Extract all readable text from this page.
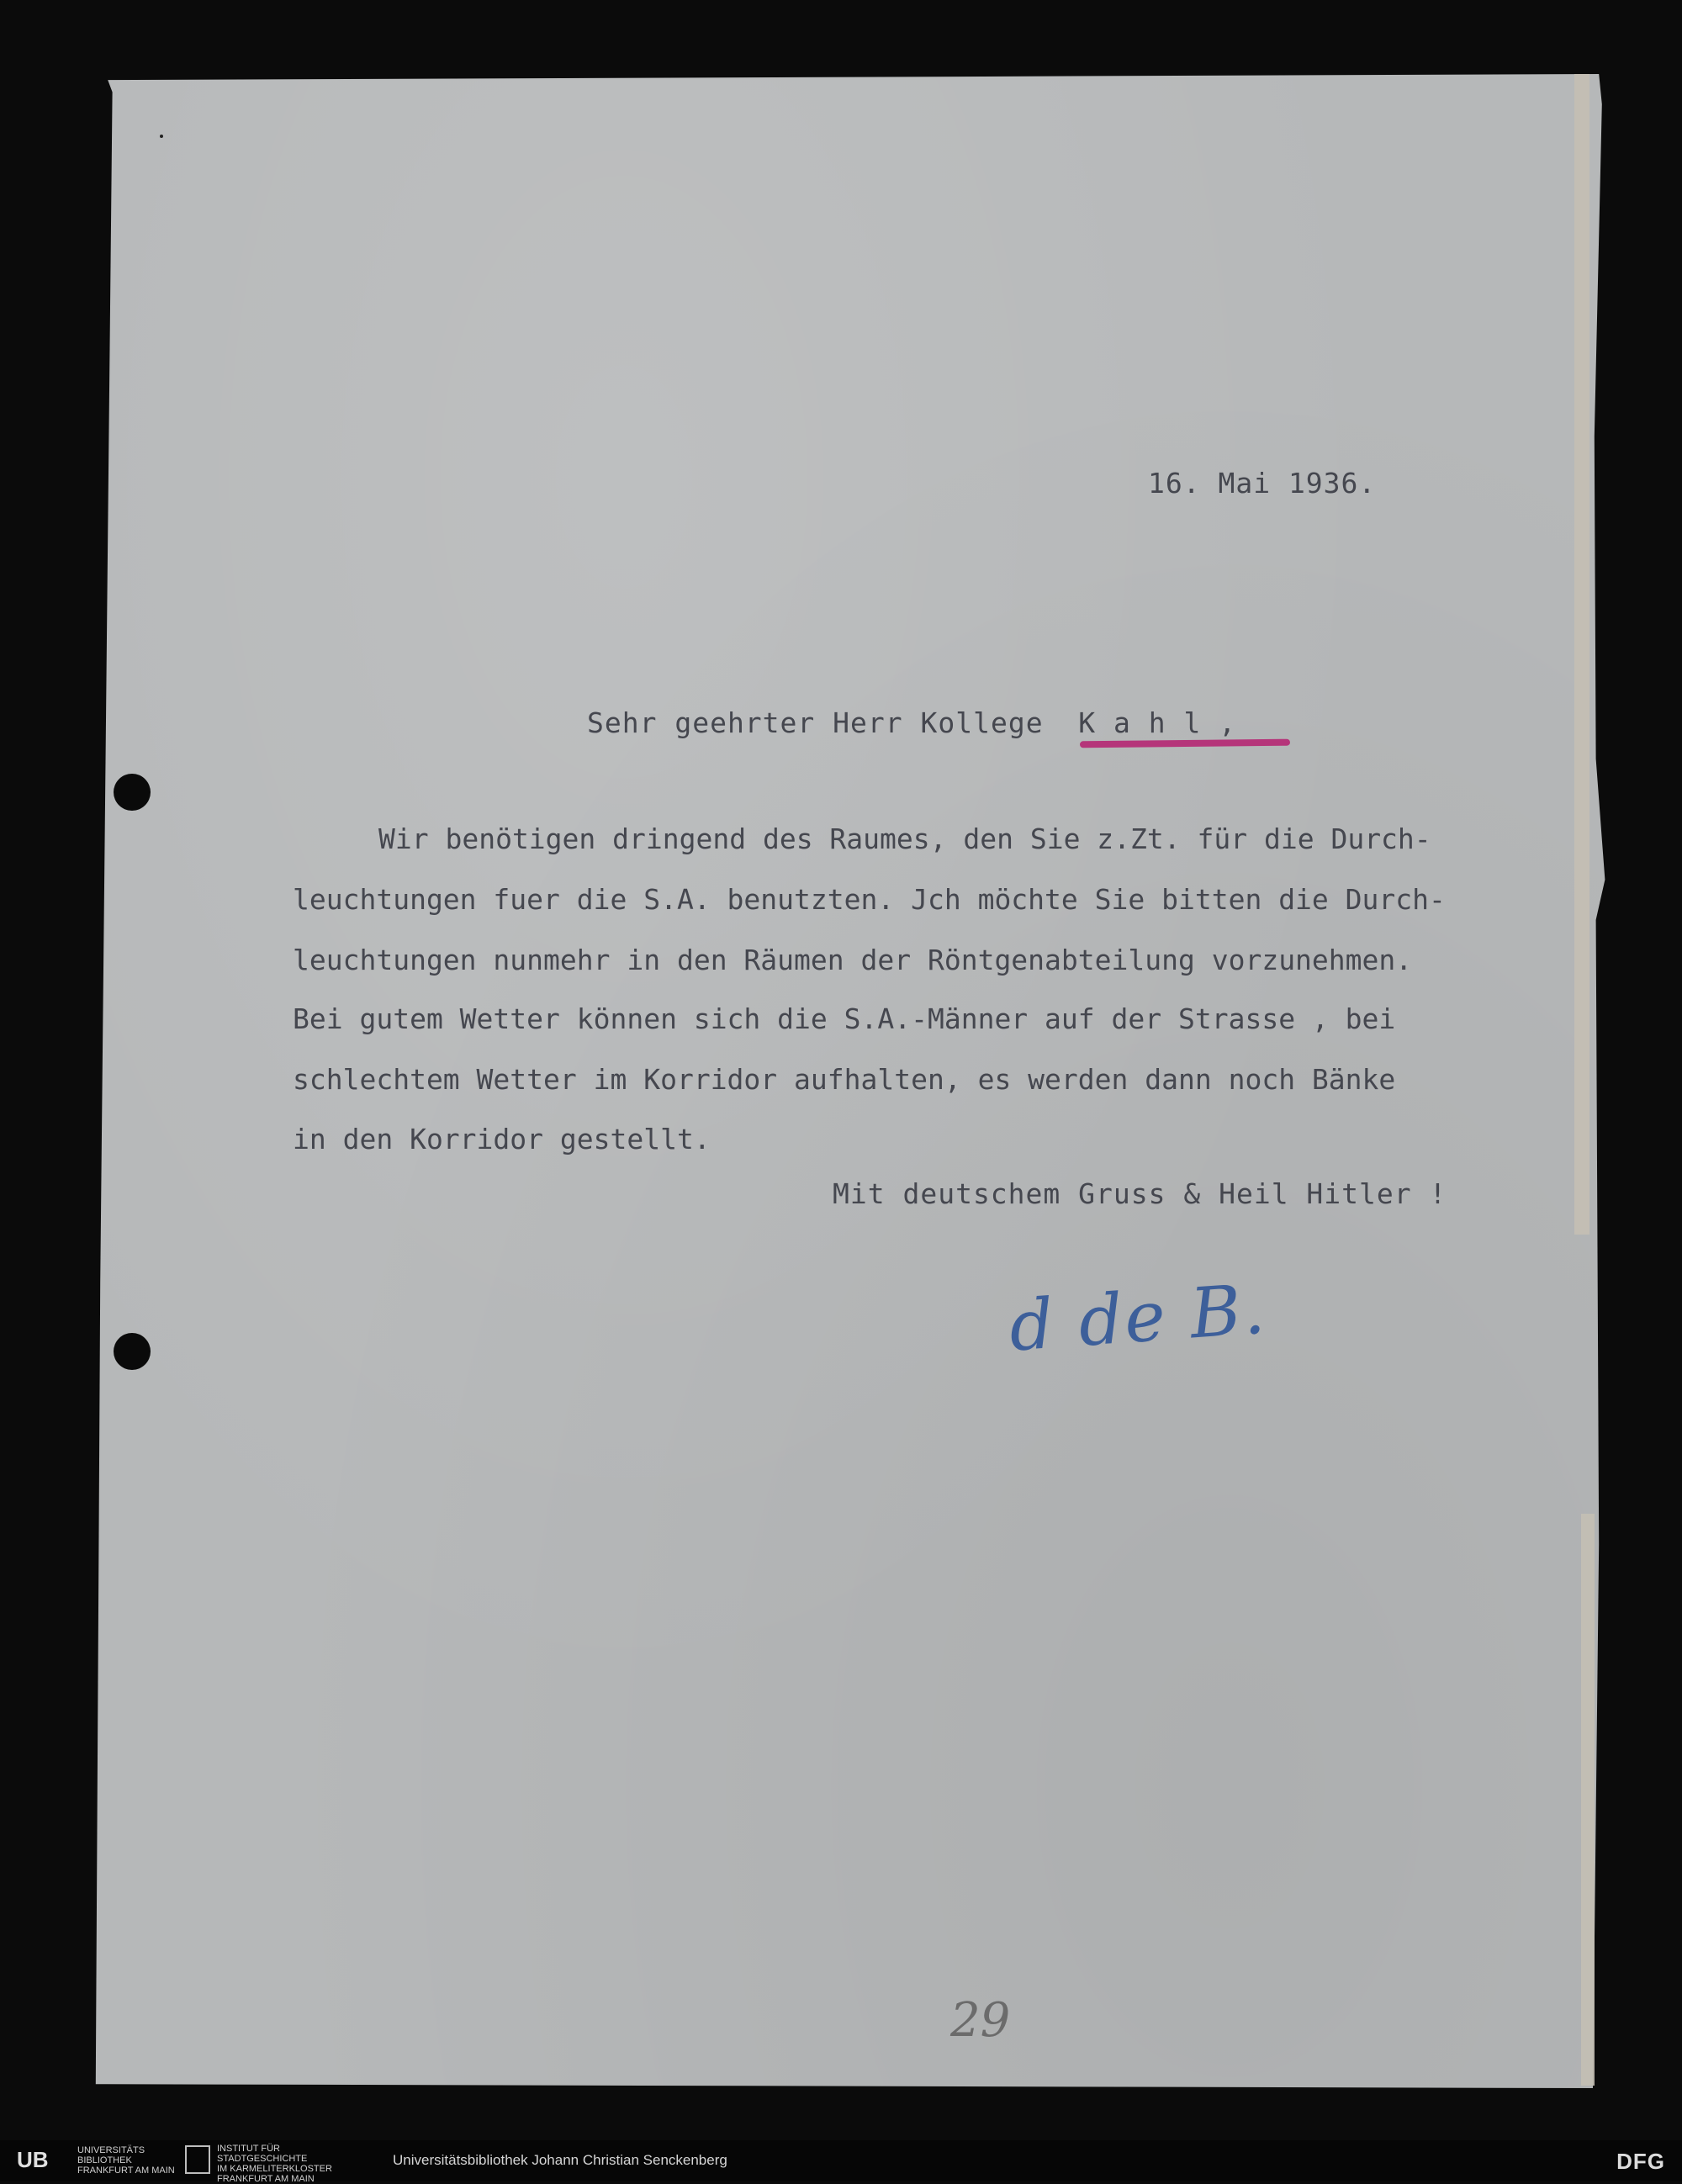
16. Mai 1936.
Sehr geehrter Herr Kollege  K a h l ,
Wir benötigen dringend des Raumes, den Sie z.Zt. für die Durch-
leuchtungen fuer die S.A. benutzten. Jch möchte Sie bitten die Durch-
leuchtungen nunmehr in den Räumen der Röntgenabteilung vorzunehmen.
Bei gutem Wetter können sich die S.A.-Männer auf der Strasse , bei
schlechtem Wetter im Korridor aufhalten, es werden dann noch Bänke
in den Korridor gestellt.
Mit deutschem Gruss & Heil Hitler !
d de B.
29
UB	UNIVERSITÄTS
BIBLIOTHEK
FRANKFURT AM MAIN
INSTITUT FÜR
STADTGESCHICHTE
IM KARMELITERKLOSTER
FRANKFURT AM MAIN
Universitätsbibliothek Johann Christian Senckenberg	DFG
